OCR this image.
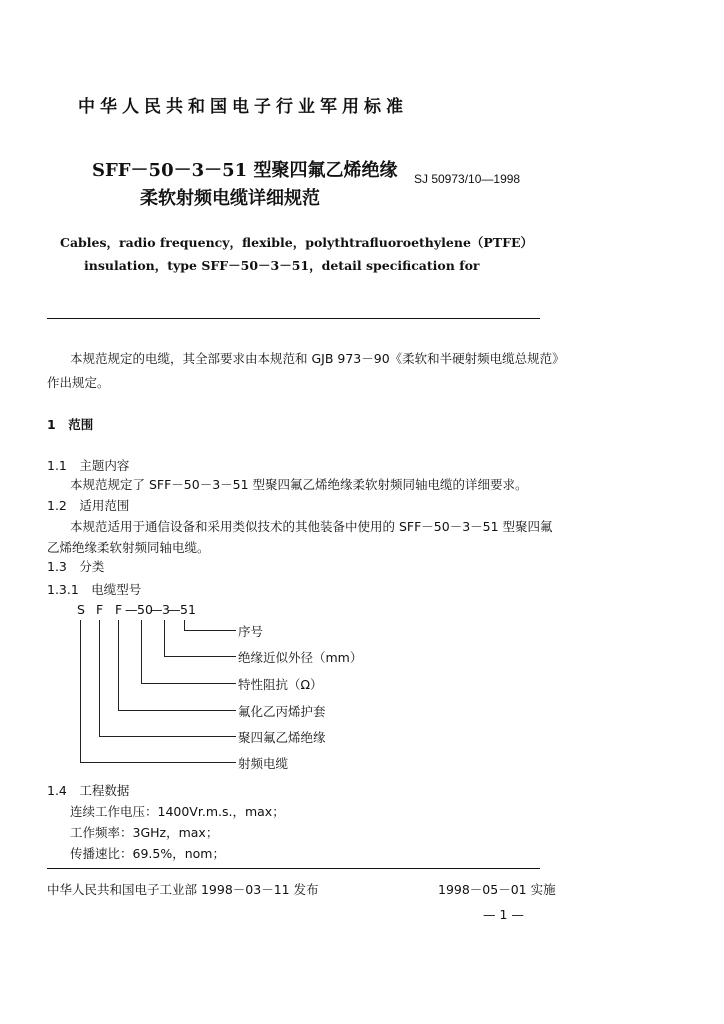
中华人民共和国电子行业军用标准
SFF－50－3－51 型聚四氟乙烯绝缘
柔软射频电缆详细规范
SJ 50973/10—1998
Cables，radio frequency，flexible，polythtrafluoroethylene（PTFE）
insulation，type SFF－50－3－51，detail specification for
本规范规定的电缆，其全部要求由本规范和 GJB 973－90《柔软和半硬射频电缆总规范》
作出规定。
1　范围
1.1　主题内容
本规范规定了 SFF－50－3－51 型聚四氟乙烯绝缘柔软射频同轴电缆的详细要求。
1.2　适用范围
本规范适用于通信设备和采用类似技术的其他装备中使用的 SFF－50－3－51 型聚四氟
乙烯绝缘柔软射频同轴电缆。
1.3　分类
1.3.1　电缆型号
S F F — 50
— 3
— 51
序号
绝缘近似外径（mm）
特性阻抗（Ω）
氟化乙丙烯护套
聚四氟乙烯绝缘
射频电缆
1.4　工程数据
连续工作电压：1400Vr.m.s.，max；
工作频率：3GHz，max；
传播速比：69.5%，nom；
中华人民共和国电子工业部 1998－03－11 发布	1998－05－01 实施
— 1 —
